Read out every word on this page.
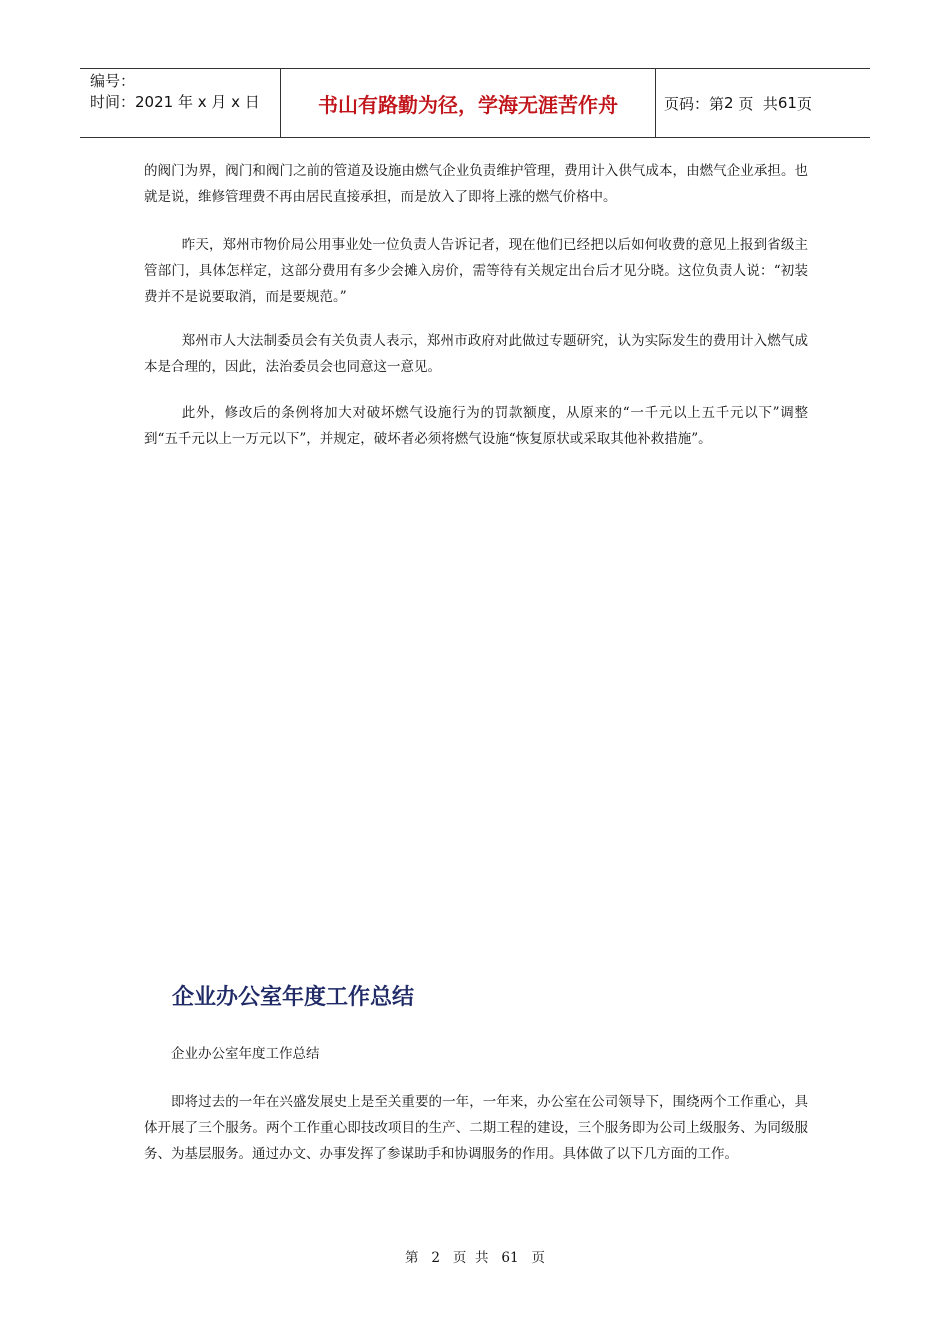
编号：
时间：2021 年 x 月 x 日	书山有路勤为径，学海无涯苦作舟	页码：第 2
页  共 61 页

的阀门为界，阀门和阀门之前的管道及设施由燃气企业负责维护管理，费用计入供气成本，由燃气企业承担。也就是说，维修管理费不再由居民直接承担，而是放入了即将上涨的燃气价格中。

昨天，郑州市物价局公用事业处一位负责人告诉记者，现在他们已经把以后如何收费的意见上报到省级主管部门，具体怎样定，这部分费用有多少会摊入房价，需等待有关规定出台后才见分晓。这位负责人说：“初装费并不是说要取消，而是要规范。”

郑州市人大法制委员会有关负责人表示，郑州市政府对此做过专题研究，认为实际发生的费用计入燃气成本是合理的，因此，法治委员会也同意这一意见。

此外，修改后的条例将加大对破坏燃气设施行为的罚款额度，从原来的“一千元以上五千元以下”调整到“五千元以上一万元以下”，并规定，破坏者必须将燃气设施“恢复原状或采取其他补救措施”。

企业办公室年度工作总结

企业办公室年度工作总结

即将过去的一年在兴盛发展史上是至关重要的一年，一年来，办公室在公司领导下，围绕两个工作重心，具体开展了三个服务。两个工作重心即技改项目的生产、二期工程的建设，三个服务即为公司上级服务、为同级服务、为基层服务。通过办文、办事发挥了参谋助手和协调服务的作用。具体做了以下几方面的工作。

第 2 页  共 61 页
